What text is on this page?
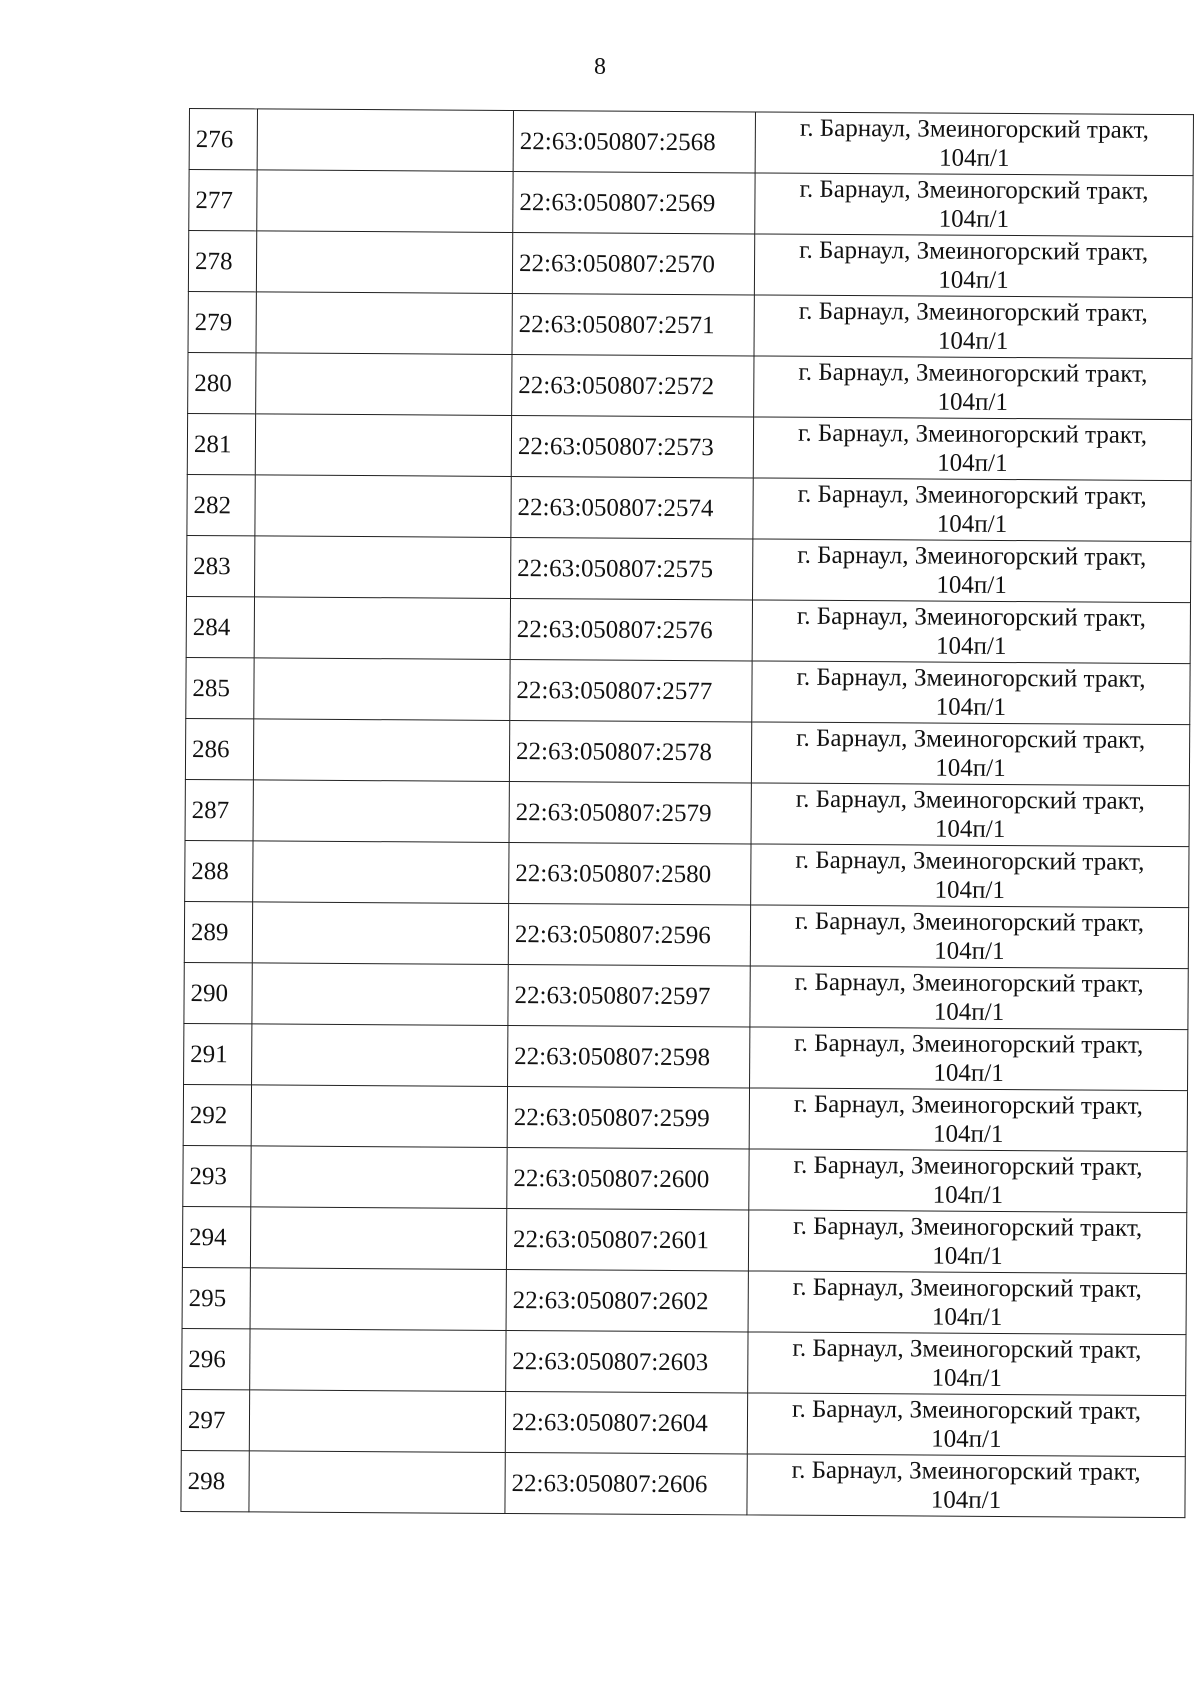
8
276		22:63:050807:2568	г. Барнаул, Змеиногорский тракт,
104п/1

277		22:63:050807:2569	г. Барнаул, Змеиногорский тракт,
104п/1

278		22:63:050807:2570	г. Барнаул, Змеиногорский тракт,
104п/1

279		22:63:050807:2571	г. Барнаул, Змеиногорский тракт,
104п/1

280		22:63:050807:2572	г. Барнаул, Змеиногорский тракт,
104п/1

281		22:63:050807:2573	г. Барнаул, Змеиногорский тракт,
104п/1

282		22:63:050807:2574	г. Барнаул, Змеиногорский тракт,
104п/1

283		22:63:050807:2575	г. Барнаул, Змеиногорский тракт,
104п/1

284		22:63:050807:2576	г. Барнаул, Змеиногорский тракт,
104п/1

285		22:63:050807:2577	г. Барнаул, Змеиногорский тракт,
104п/1

286		22:63:050807:2578	г. Барнаул, Змеиногорский тракт,
104п/1

287		22:63:050807:2579	г. Барнаул, Змеиногорский тракт,
104п/1

288		22:63:050807:2580	г. Барнаул, Змеиногорский тракт,
104п/1

289		22:63:050807:2596	г. Барнаул, Змеиногорский тракт,
104п/1

290		22:63:050807:2597	г. Барнаул, Змеиногорский тракт,
104п/1

291		22:63:050807:2598	г. Барнаул, Змеиногорский тракт,
104п/1

292		22:63:050807:2599	г. Барнаул, Змеиногорский тракт,
104п/1

293		22:63:050807:2600	г. Барнаул, Змеиногорский тракт,
104п/1

294		22:63:050807:2601	г. Барнаул, Змеиногорский тракт,
104п/1

295		22:63:050807:2602	г. Барнаул, Змеиногорский тракт,
104п/1

296		22:63:050807:2603	г. Барнаул, Змеиногорский тракт,
104п/1

297		22:63:050807:2604	г. Барнаул, Змеиногорский тракт,
104п/1

298		22:63:050807:2606	г. Барнаул, Змеиногорский тракт,
104п/1
